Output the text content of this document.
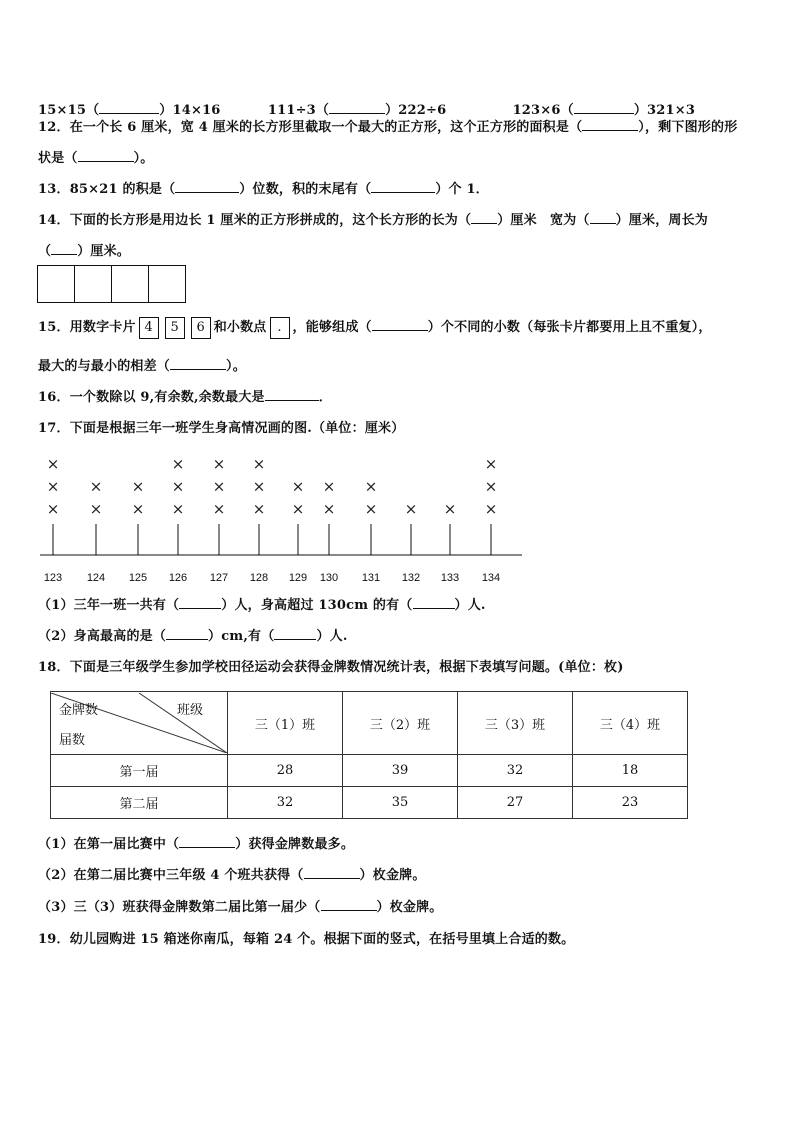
15×15（	）14×16	111÷3（	）222÷6	123×6（	）321×3

12．在一个长 6 厘米，宽 4 厘米的长方形里截取一个最大的正方形，这个正方形的面积是（	），剩下图形的形
状是（	）。
13．85×21 的积是（	）位数，积的末尾有（	）个 1．
14．下面的长方形是用边长 1 厘米的正方形拼成的，这个长方形的长为（ ）厘米　宽为（ ）厘米，周长为
（ ）厘米。
15．用数字卡片 4 5 6 和小数点 . ，能够组成（	）个不同的小数（每张卡片都要用上且不重复），
最大的与最小的相差（	）。
16．一个数除以 9,有余数,余数最大是	．
17．下面是根据三年一班学生身高情况画的图.（单位：厘米）
123
×
×
×
124
×
×
125
×
×
126
×
×
×
127
×
×
×
128
×
×
×
129
×
×
130
×
×
131
×
×
132
×
133
×
134
×
×
×
（1）三年一班一共有（	）人，身高超过 130cm 的有（	）人.
（2）身高最高的是（	）cm,有（	）人.
18．下面是三年级学生参加学校田径运动会获得金牌数情况统计表，根据下表填写问题。(单位：枚)
金牌数 班级
届数	三（1）班	三（2）班	三（3）班	三（4）班
第一届	28	39	32	18
第二届	32	35	27	23
（1）在第一届比赛中（	）获得金牌数最多。
（2）在第二届比赛中三年级 4 个班共获得（	）枚金牌。
（3）三（3）班获得金牌数第二届比第一届少（	）枚金牌。
19．幼儿园购进 15 箱迷你南瓜，每箱 24 个。根据下面的竖式，在括号里填上合适的数。
